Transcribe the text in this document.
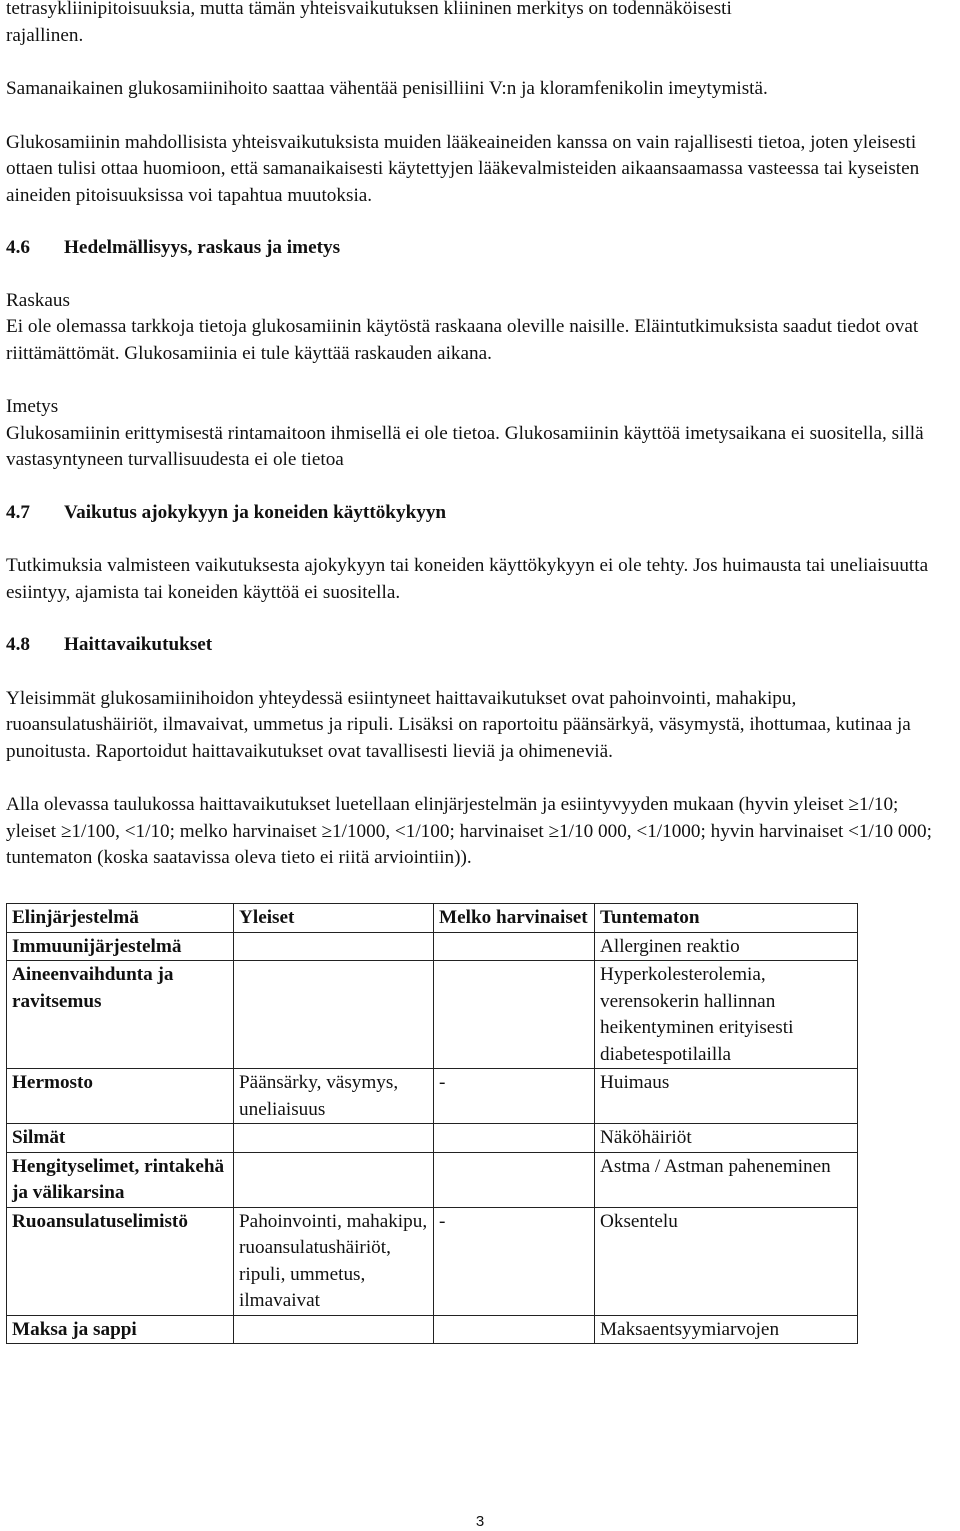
tetrasykliinipitoisuuksia, mutta tämän yhteisvaikutuksen kliininen merkitys on todennäköisesti
rajallinen.

Samanaikainen glukosamiinihoito saattaa vähentää penisilliini V:n ja kloramfenikolin imeytymistä.

Glukosamiinin mahdollisista yhteisvaikutuksista muiden lääkeaineiden kanssa on vain rajallisesti tietoa, joten yleisesti ottaen tulisi ottaa huomioon, että samanaikaisesti käytettyjen lääkevalmisteiden aikaansaamassa vasteessa tai kyseisten aineiden pitoisuuksissa voi tapahtua muutoksia.

4.6 Hedelmällisyys, raskaus ja imetys

Raskaus

Ei ole olemassa tarkkoja tietoja glukosamiinin käytöstä raskaana oleville naisille. Eläintutkimuksista saadut tiedot ovat riittämättömät. Glukosamiinia ei tule käyttää raskauden aikana.

Imetys

Glukosamiinin erittymisestä rintamaitoon ihmisellä ei ole tietoa. Glukosamiinin käyttöä imetysaikana ei suositella, sillä vastasyntyneen turvallisuudesta ei ole tietoa

4.7 Vaikutus ajokykyyn ja koneiden käyttökykyyn

Tutkimuksia valmisteen vaikutuksesta ajokykyyn tai koneiden käyttökykyyn ei ole tehty. Jos huimausta tai uneliaisuutta esiintyy, ajamista tai koneiden käyttöä ei suositella.

4.8 Haittavaikutukset

Yleisimmät glukosamiinihoidon yhteydessä esiintyneet haittavaikutukset ovat pahoinvointi, mahakipu, ruoansulatushäiriöt, ilmavaivat, ummetus ja ripuli. Lisäksi on raportoitu päänsärkyä, väsymystä, ihottumaa, kutinaa ja punoitusta. Raportoidut haittavaikutukset ovat tavallisesti lieviä ja ohimeneviä.

Alla olevassa taulukossa haittavaikutukset luetellaan elinjärjestelmän ja esiintyvyyden mukaan (hyvin yleiset ≥1/10; yleiset ≥1/100, <1/10; melko harvinaiset ≥1/1000, <1/100; harvinaiset ≥1/10 000, <1/1000; hyvin harvinaiset <1/10 000; tuntematon (koska saatavissa oleva tieto ei riitä arviointiin)).

Elinjärjestelmä	Yleiset	Melko harvinaiset	Tuntematon
Immuunijärjestelmä			Allerginen reaktio
Aineenvaihdunta ja ravitsemus			Hyperkolesterolemia, verensokerin hallinnan heikentyminen erityisesti diabetespotilailla
Hermosto	Päänsärky, väsymys, uneliaisuus	-	Huimaus
Silmät			Näköhäiriöt
Hengityselimet, rintakehä ja välikarsina			Astma / Astman paheneminen
Ruoansulatuselimistö	Pahoinvointi, mahakipu, ruoansulatushäiriöt, ripuli, ummetus, ilmavaivat	-	Oksentelu
Maksa ja sappi			Maksaentsyymiarvojen
3
